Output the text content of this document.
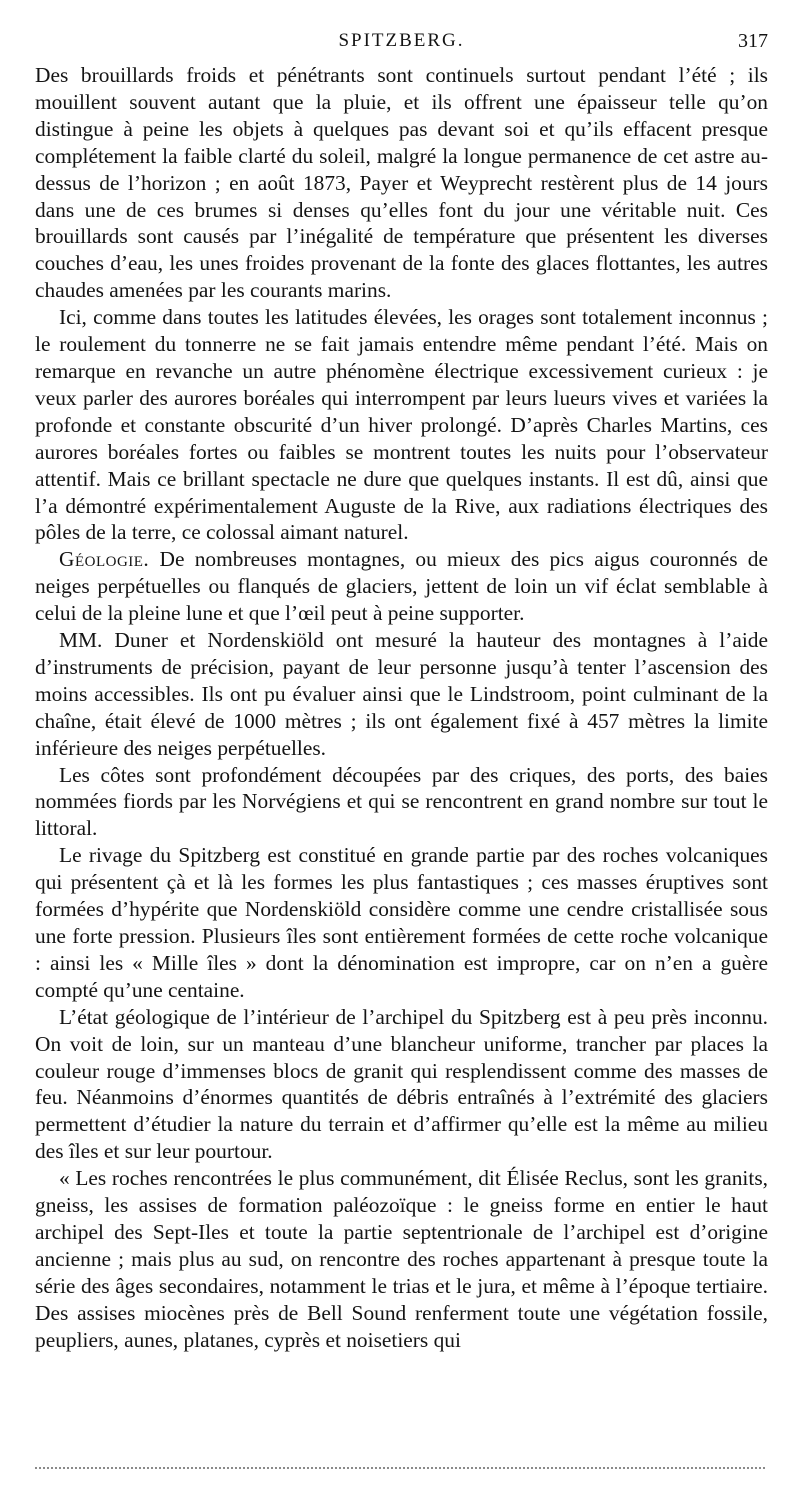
SPITZBERG.	317

Des brouillards froids et pénétrants sont continuels surtout pendant l’été ; ils mouillent souvent autant que la pluie, et ils offrent une épaisseur telle qu’on distingue à peine les objets à quelques pas devant soi et qu’ils effacent presque complétement la faible clarté du soleil, malgré la longue permanence de cet astre au-dessus de l’horizon ; en août 1873, Payer et Weyprecht restèrent plus de 14 jours dans une de ces brumes si denses qu’elles font du jour une véritable nuit. Ces brouillards sont causés par l’inégalité de température que présentent les diverses couches d’eau, les unes froides provenant de la fonte des glaces flottantes, les autres chaudes amenées par les courants marins.

Ici, comme dans toutes les latitudes élevées, les orages sont totalement inconnus ; le roulement du tonnerre ne se fait jamais entendre même pendant l’été. Mais on remarque en revanche un autre phénomène électrique excessivement curieux : je veux parler des aurores boréales qui interrompent par leurs lueurs vives et variées la profonde et constante obscurité d’un hiver prolongé. D’après Charles Martins, ces aurores boréales fortes ou faibles se montrent toutes les nuits pour l’observateur attentif. Mais ce brillant spectacle ne dure que quelques instants. Il est dû, ainsi que l’a démontré expérimentalement Auguste de la Rive, aux radiations électriques des pôles de la terre, ce colossal aimant naturel.

Géologie. De nombreuses montagnes, ou mieux des pics aigus couronnés de neiges perpétuelles ou flanqués de glaciers, jettent de loin un vif éclat semblable à celui de la pleine lune et que l’œil peut à peine supporter.

MM. Duner et Nordenskiöld ont mesuré la hauteur des montagnes à l’aide d’instruments de précision, payant de leur personne jusqu’à tenter l’ascension des moins accessibles. Ils ont pu évaluer ainsi que le Lindstroom, point culminant de la chaîne, était élevé de 1000 mètres ; ils ont également fixé à 457 mètres la limite inférieure des neiges perpétuelles.

Les côtes sont profondément découpées par des criques, des ports, des baies nommées fiords par les Norvégiens et qui se rencontrent en grand nombre sur tout le littoral.

Le rivage du Spitzberg est constitué en grande partie par des roches volcaniques qui présentent çà et là les formes les plus fantastiques ; ces masses éruptives sont formées d’hypérite que Nordenskiöld considère comme une cendre cristallisée sous une forte pression. Plusieurs îles sont entièrement formées de cette roche volcanique : ainsi les « Mille îles » dont la dénomination est impropre, car on n’en a guère compté qu’une centaine.

L’état géologique de l’intérieur de l’archipel du Spitzberg est à peu près inconnu. On voit de loin, sur un manteau d’une blancheur uniforme, trancher par places la couleur rouge d’immenses blocs de granit qui resplendissent comme des masses de feu. Néanmoins d’énormes quantités de débris entraînés à l’extrémité des glaciers permettent d’étudier la nature du terrain et d’affirmer qu’elle est la même au milieu des îles et sur leur pourtour.

« Les roches rencontrées le plus communément, dit Élisée Reclus, sont les granits, gneiss, les assises de formation paléozoïque : le gneiss forme en entier le haut archipel des Sept-Iles et toute la partie septentrionale de l’archipel est d’origine ancienne ; mais plus au sud, on rencontre des roches appartenant à presque toute la série des âges secondaires, notamment le trias et le jura, et même à l’époque tertiaire. Des assises miocènes près de Bell Sound renferment toute une végétation fossile, peupliers, aunes, platanes, cyprès et noisetiers qui
